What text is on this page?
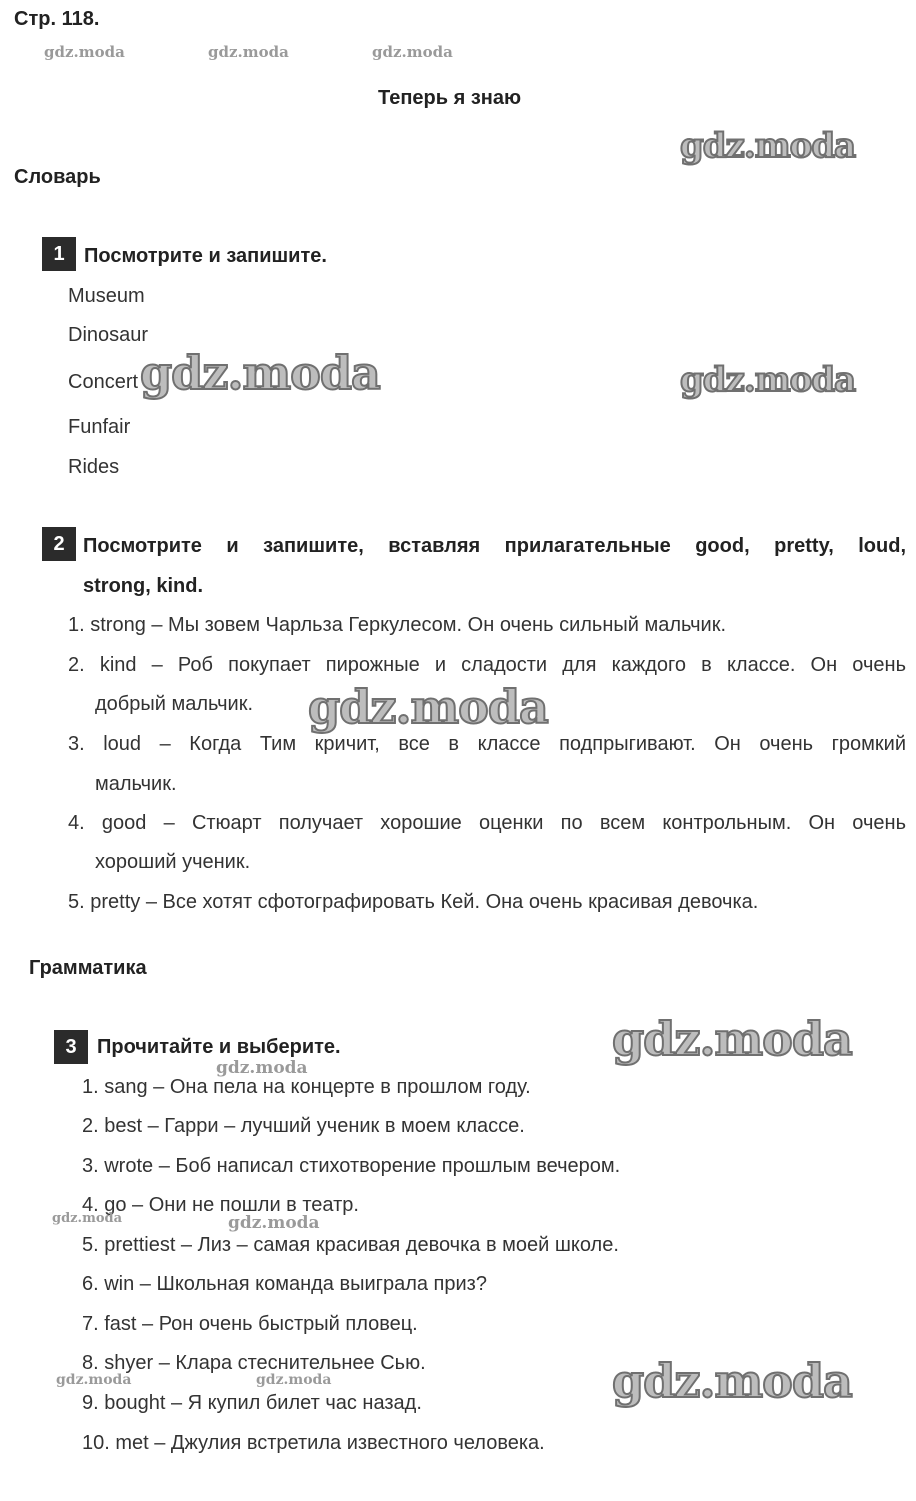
Стр. 118.
gdz.moda	gdz.moda	gdz.moda
Теперь я знаю
gdz.moda
Словарь
1 Посмотрите и запишите.
Museum
Dinosaur
Concert
Funfair
Rides
gdz.moda	gdz.moda
2 Посмотрите и запишите, вставляя прилагательные good, pretty, loud,
strong, kind.
1. strong – Мы зовем Чарльза Геркулесом. Он очень сильный мальчик.
2. kind – Роб покупает пирожные и сладости для каждого в классе. Он очень
добрый мальчик.
3. loud – Когда Тим кричит, все в классе подпрыгивают. Он очень громкий
мальчик.
4. good – Стюарт получает хорошие оценки по всем контрольным. Он очень
хороший ученик.
5. pretty – Все хотят сфотографировать Кей. Она очень красивая девочка.
gdz.moda
Грамматика
3	Прочитайте и выберите.
1. sang – Она пела на концерте в прошлом году.
2. best – Гарри – лучший ученик в моем классе.
3. wrote – Боб написал стихотворение прошлым вечером.
4. go – Они не пошли в театр.
5. prettiest – Лиз – самая красивая девочка в моей школе.
6. win – Школьная команда выиграла приз?
7. fast – Рон очень быстрый пловец.
8. shyer – Клара стеснительнее Сью.
9. bought – Я купил билет час назад.
10. met – Джулия встретила известного человека.
gdz.moda
gdz.moda
gdz.moda	gdz.moda
gdz.moda
gdz.moda	gdz.moda
